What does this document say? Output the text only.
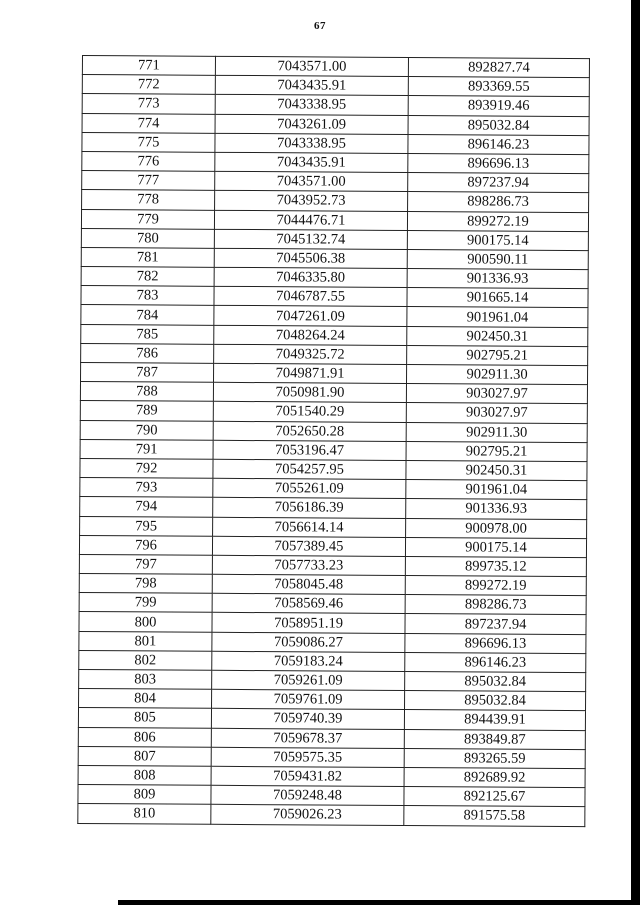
67
771	7043571.00	892827.74
772	7043435.91	893369.55
773	7043338.95	893919.46
774	7043261.09	895032.84
775	7043338.95	896146.23
776	7043435.91	896696.13
777	7043571.00	897237.94
778	7043952.73	898286.73
779	7044476.71	899272.19
780	7045132.74	900175.14
781	7045506.38	900590.11
782	7046335.80	901336.93
783	7046787.55	901665.14
784	7047261.09	901961.04
785	7048264.24	902450.31
786	7049325.72	902795.21
787	7049871.91	902911.30
788	7050981.90	903027.97
789	7051540.29	903027.97
790	7052650.28	902911.30
791	7053196.47	902795.21
792	7054257.95	902450.31
793	7055261.09	901961.04
794	7056186.39	901336.93
795	7056614.14	900978.00
796	7057389.45	900175.14
797	7057733.23	899735.12
798	7058045.48	899272.19
799	7058569.46	898286.73
800	7058951.19	897237.94
801	7059086.27	896696.13
802	7059183.24	896146.23
803	7059261.09	895032.84
804	7059761.09	895032.84
805	7059740.39	894439.91
806	7059678.37	893849.87
807	7059575.35	893265.59
808	7059431.82	892689.92
809	7059248.48	892125.67
810	7059026.23	891575.58
